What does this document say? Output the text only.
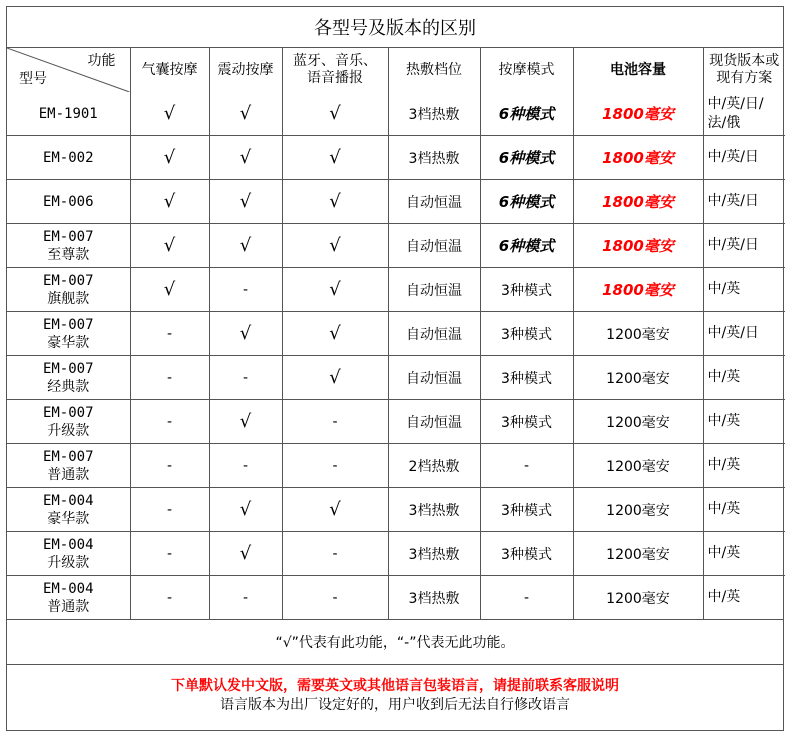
各型号及版本的区别
功能
型号	气囊按摩	震动按摩	蓝牙、音乐、
语音播报	热敷档位	按摩模式	电池容量	现货版本或
现有方案
EM-1901	√	√	√	3档热敷	6种模式	1800毫安	中/英/日/
法/俄
EM-002	√	√	√	3档热敷	6种模式	1800毫安	中/英/日
EM-006	√	√	√	自动恒温	6种模式	1800毫安	中/英/日
EM-007
至尊款	√	√	√	自动恒温	6种模式	1800毫安	中/英/日
EM-007
旗舰款	√	-	√	自动恒温	3种模式	1800毫安	中/英
EM-007
豪华款	-	√	√	自动恒温	3种模式	1200毫安	中/英/日
EM-007
经典款	-	-	√	自动恒温	3种模式	1200毫安	中/英
EM-007
升级款	-	√	-	自动恒温	3种模式	1200毫安	中/英
EM-007
普通款	-	-	-	2档热敷	-	1200毫安	中/英
EM-004
豪华款	-	√	√	3档热敷	3种模式	1200毫安	中/英
EM-004
升级款	-	√	-	3档热敷	3种模式	1200毫安	中/英
EM-004
普通款	-	-	-	3档热敷	-	1200毫安	中/英
“√”代表有此功能，“-”代表无此功能。
下单默认发中文版，需要英文或其他语言包装语言，请提前联系客服说明
语言版本为出厂设定好的，用户收到后无法自行修改语言
